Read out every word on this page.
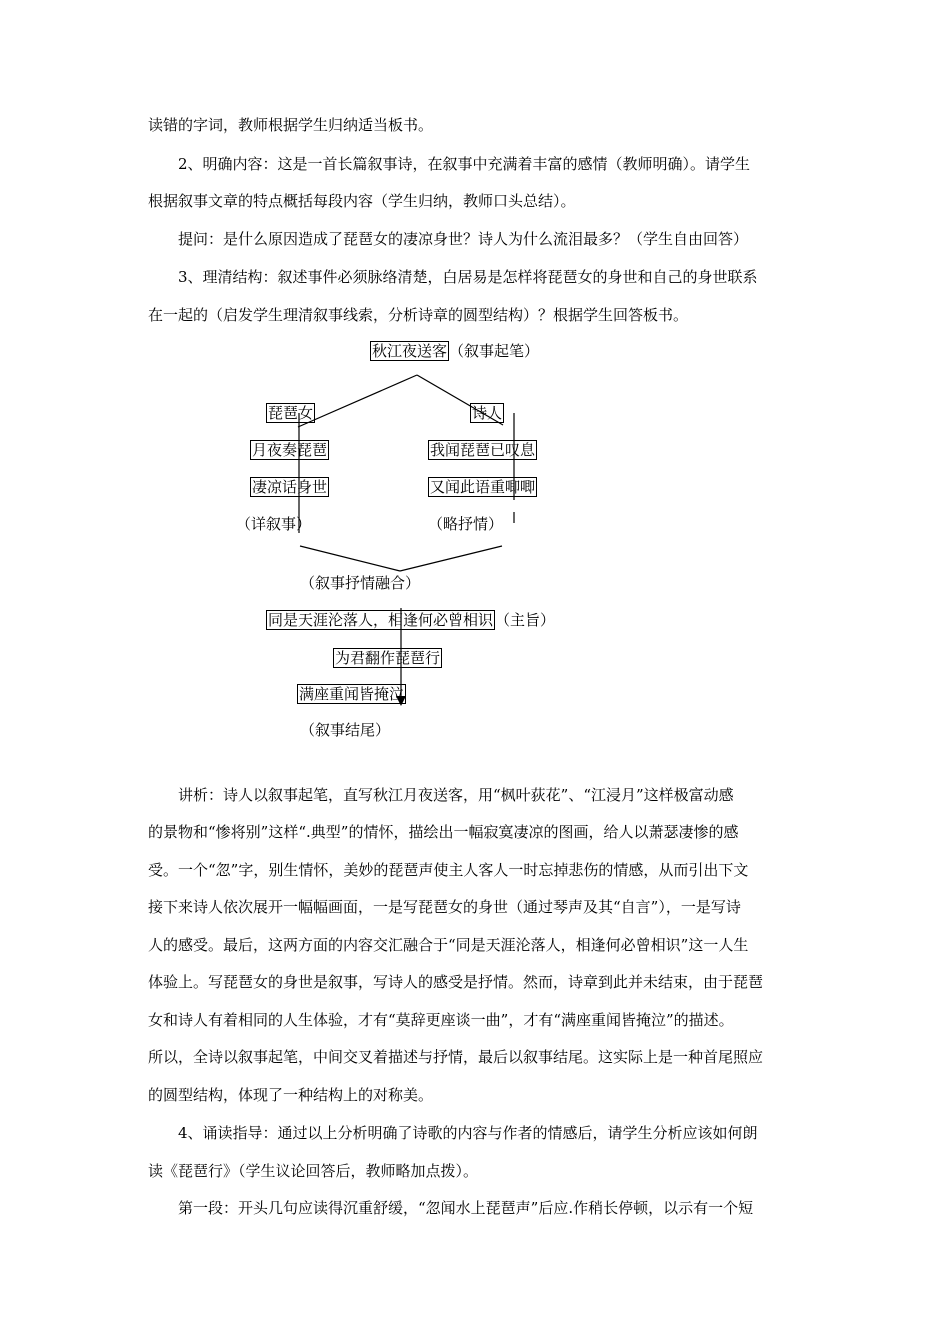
读错的字词，教师根据学生归纳适当板书。
2、明确内容：这是一首长篇叙事诗，在叙事中充满着丰富的感情（教师明确）。请学生
根据叙事文章的特点概括每段内容（学生归纳，教师口头总结）。
提问：是什么原因造成了琵琶女的凄凉身世？诗人为什么流泪最多？（学生自由回答）
3、理清结构：叙述事件必须脉络清楚，白居易是怎样将琵琶女的身世和自己的身世联系
在一起的（启发学生理清叙事线索，分析诗章的圆型结构）？根据学生回答板书。
秋江夜送客 （叙事起笔）
琵琶女	诗人
月夜奏琵琶	我闻琵琶已叹息
凄凉话身世	又闻此语重唧唧
（详叙事）	（略抒情）
（叙事抒情融合）
同是天涯沦落人，相逢何必曾相识 （主旨）
为君翻作琵琶行
满座重闻皆掩泣
（叙事结尾）
讲析：诗人以叙事起笔，直写秋江月夜送客，用“枫叶荻花”、“江浸月”这样极富动感
的景物和“惨将别”这样“.典型”的情怀，描绘出一幅寂寞凄凉的图画，给人以萧瑟凄惨的感
受。一个“忽”字，别生情怀，美妙的琵琶声使主人客人一时忘掉悲伤的情感，从而引出下文
接下来诗人依次展开一幅幅画面，一是写琵琶女的身世（通过琴声及其“自言”），一是写诗
人的感受。最后，这两方面的内容交汇融合于“同是天涯沦落人，相逢何必曾相识”这一人生
体验上。写琵琶女的身世是叙事，写诗人的感受是抒情。然而，诗章到此并未结束，由于琵琶
女和诗人有着相同的人生体验，才有“莫辞更座谈一曲”，才有“满座重闻皆掩泣”的描述。
所以，全诗以叙事起笔，中间交叉着描述与抒情，最后以叙事结尾。这实际上是一种首尾照应
的圆型结构，体现了一种结构上的对称美。
4、诵读指导：通过以上分析明确了诗歌的内容与作者的情感后，请学生分析应该如何朗
读《琵琶行》（学生议论回答后，教师略加点拨）。
第一段：开头几句应读得沉重舒缓，“忽闻水上琵琶声”后应.作稍长停顿，以示有一个短
